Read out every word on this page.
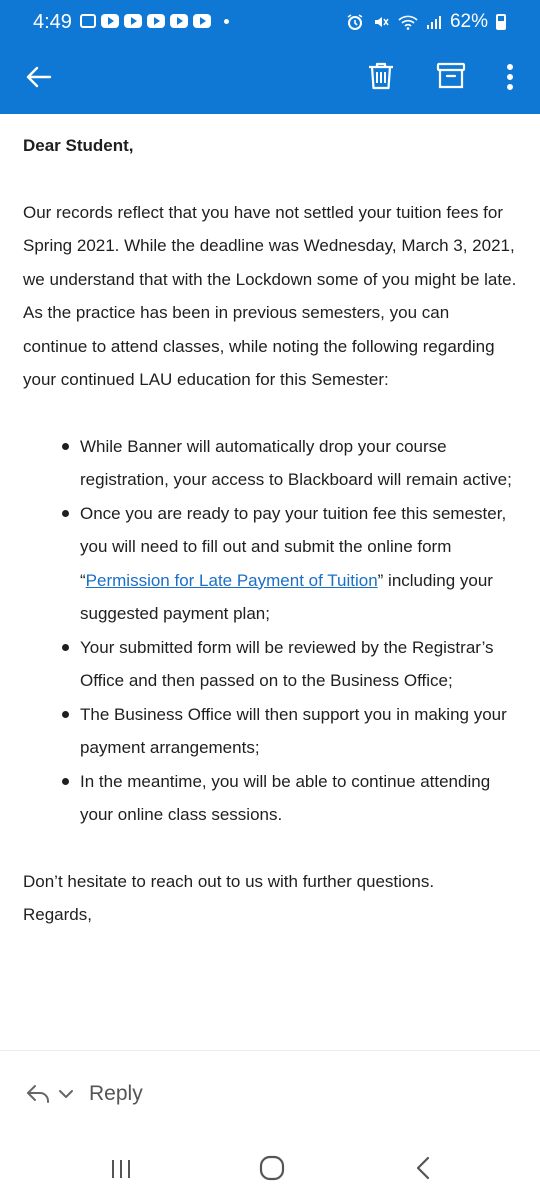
4:49	62%

Dear Student,

Our records reflect that you have not settled your tuition fees for Spring 2021. While the deadline was Wednesday, March 3, 2021, we understand that with the Lockdown some of you might be late. As the practice has been in previous semesters, you can continue to attend classes, while noting the following regarding your continued LAU education for this Semester:

While Banner will automatically drop your course registration, your access to Blackboard will remain active;
Once you are ready to pay your tuition fee this semester, you will need to fill out and submit the online form “Permission for Late Payment of Tuition” including your suggested payment plan;
Your submitted form will be reviewed by the Registrar’s Office and then passed on to the Business Office;
The Business Office will then support you in making your payment arrangements;
In the meantime, you will be able to continue attending your online class sessions.

Don’t hesitate to reach out to us with further questions.
Regards,

Reply
